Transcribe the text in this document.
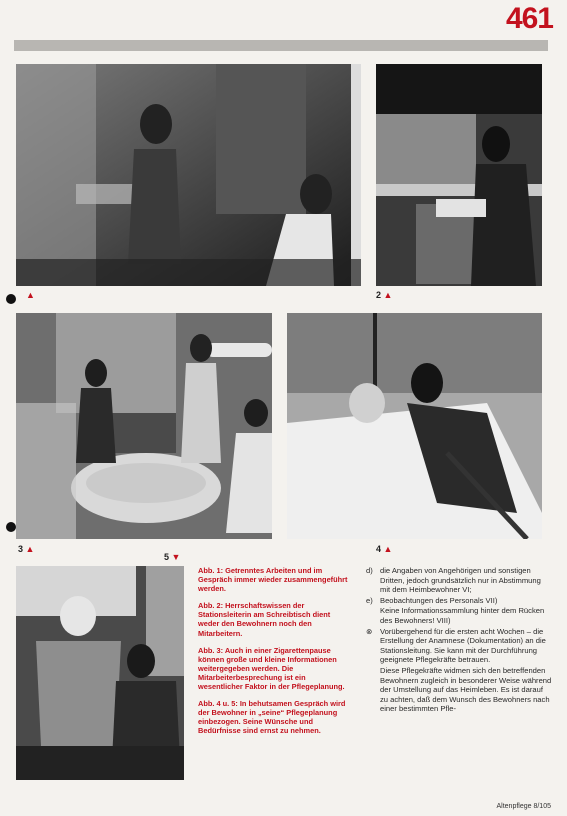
461
▲	2 ▲
3 ▲
5 ▼
4 ▲

Abb. 1: Getrenntes Arbeiten und im Gespräch immer wieder zusammengeführt werden.

Abb. 2: Herrschaftswissen der Stationsleiterin am Schreibtisch dient weder den Bewohnern noch den Mitarbeitern.

Abb. 3: Auch in einer Zigarettenpause können große und kleine Informationen weitergegeben werden. Die Mitarbeiterbesprechung ist ein wesentlicher Faktor in der Pflegeplanung.

Abb. 4 u. 5: In behutsamen Gespräch wird der Bewohner in „seine“ Pflegeplanung einbezogen. Seine Wünsche und Bedürfnisse sind ernst zu nehmen.

d) die Angaben von Angehörigen und sonstigen Dritten, jedoch grundsätzlich nur in Abstimmung mit dem Heimbewohner VI;

e) Beobachtungen des Personals VII)

Keine Informationssammlung hinter dem Rücken des Bewohners! VIII)

⊗ Vorübergehend für die ersten acht Wochen – die Erstellung der Anamnese (Dokumentation) an die Stationsleitung. Sie kann mit der Durchführung geeignete Pflegekräfte betrauen.

Diese Pflegekräfte widmen sich den betreffenden Bewohnern zugleich in besonderer Weise während der Umstellung auf das Heimleben. Es ist darauf zu achten, daß dem Wunsch des Bewohners nach einer bestimmten Pfle-

Altenpflege 8/105
